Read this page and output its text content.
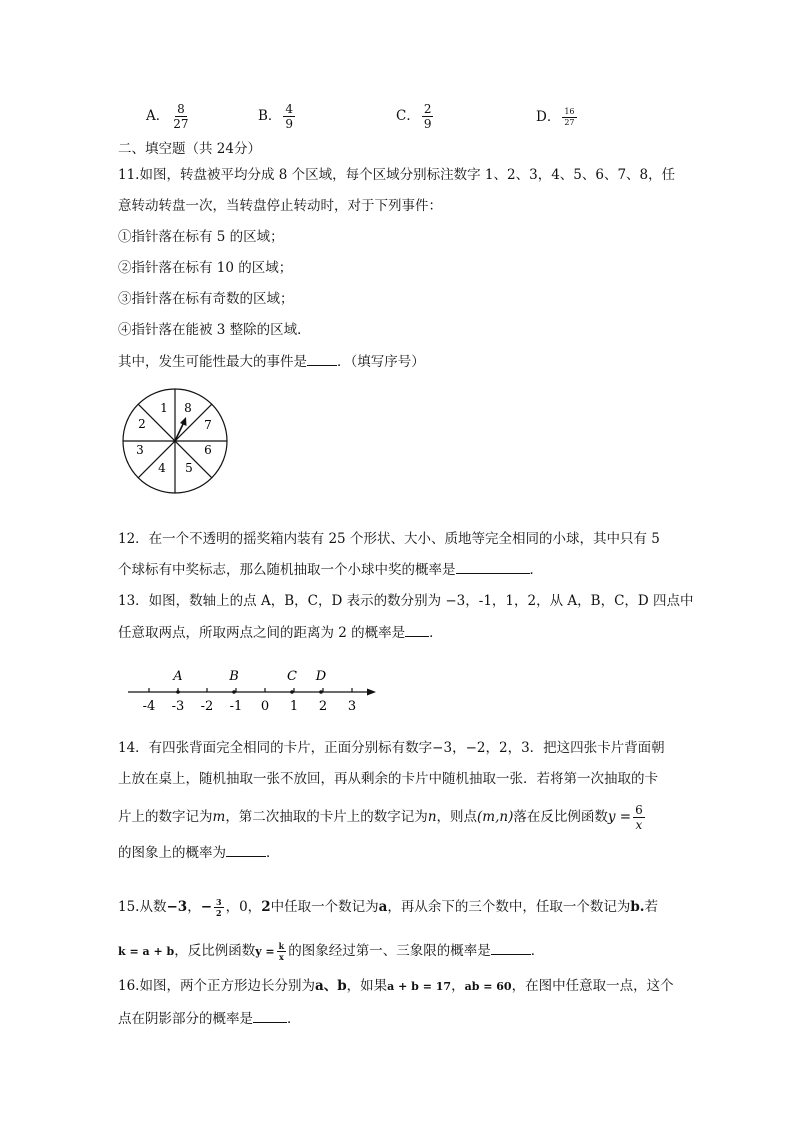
A． $\frac{8}{27}$	B． $\frac{4}{9}$	C． $\frac{2}{9}$	D． $\frac{16}{27}$
二、填空题（共 24分）
11.如图，转盘被平均分成 8 个区域，每个区域分别标注数字 1、2、3，4、5、6、7、8，任
意转动转盘一次，当转盘停止转动时，对于下列事件：
①指针落在标有 5 的区域；
②指针落在标有 10 的区域；
③指针落在标有奇数的区域；
④指针落在能被 3 整除的区域．
其中，发生可能性最大的事件是 ．（填写序号）
1 8
7
6
5
4
3
2
12．在一个不透明的摇奖箱内装有 25 个形状、大小、质地等完全相同的小球，其中只有 5
个球标有中奖标志，那么随机抽取一个小球中奖的概率是	．
13．如图，数轴上的点 A，B，C，D 表示的数分别为 −3，-1，1，2，从 A，B，C，D 四点中
任意取两点，所取两点之间的距离为 2 的概率是 ．
-4 -3 -2 -1 0 1 2 3
A	B	C D
14．有四张背面完全相同的卡片，正面分别标有数字−3，−2，2，3．把这四张卡片背面朝
上放在桌上，随机抽取一张不放回，再从剩余的卡片中随机抽取一张．若将第一次抽取的卡
片上的数字记为m，第二次抽取的卡片上的数字记为n，则点(m,n)落在反比例函数$y = \frac{6}{x}$
的图象上的概率为	．
15.从数−3，− $\frac{3}{2}$ ，0，2中任取一个数记为a，再从余下的三个数中，任取一个数记为b.若
k = a + b，反比例函数$y = \frac{k}{x}$ 的图象经过第一、三象限的概率是	．
16.如图，两个正方形边长分别为a、b，如果a + b = 17，ab = 60，在图中任意取一点，这个
点在阴影部分的概率是	．
